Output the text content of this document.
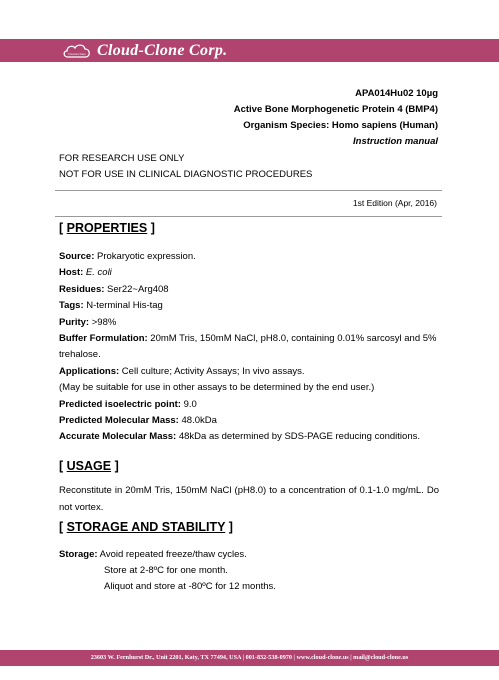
Cloud-Clone Cloud-Clone Corp.
APA014Hu02 10µg
Active Bone Morphogenetic Protein 4 (BMP4)
Organism Species: Homo sapiens (Human)
Instruction manual
FOR RESEARCH USE ONLY
NOT FOR USE IN CLINICAL DIAGNOSTIC PROCEDURES
1st Edition (Apr, 2016)
[ PROPERTIES ]
Source: Prokaryotic expression.
Host: E. coli
Residues: Ser22~Arg408
Tags: N-terminal His-tag
Purity: >98%
Buffer Formulation: 20mM Tris, 150mM NaCl, pH8.0, containing 0.01% sarcosyl and 5% trehalose.
Applications: Cell culture; Activity Assays; In vivo assays.
(May be suitable for use in other assays to be determined by the end user.)
Predicted isoelectric point: 9.0
Predicted Molecular Mass: 48.0kDa
Accurate Molecular Mass: 48kDa as determined by SDS-PAGE reducing conditions.
[ USAGE ]
Reconstitute in 20mM Tris, 150mM NaCl (pH8.0) to a concentration of 0.1-1.0 mg/mL. Do not vortex.
[ STORAGE AND STABILITY ]
Storage: Avoid repeated freeze/thaw cycles.
Store at 2-8ºC for one month.
Aliquot and store at -80ºC for 12 months.
23603 W. Fernhurst Dr., Unit 2201, Katy, TX 77494, USA | 001-832-538-0970 | www.cloud-clone.us | mail@cloud-clone.us
